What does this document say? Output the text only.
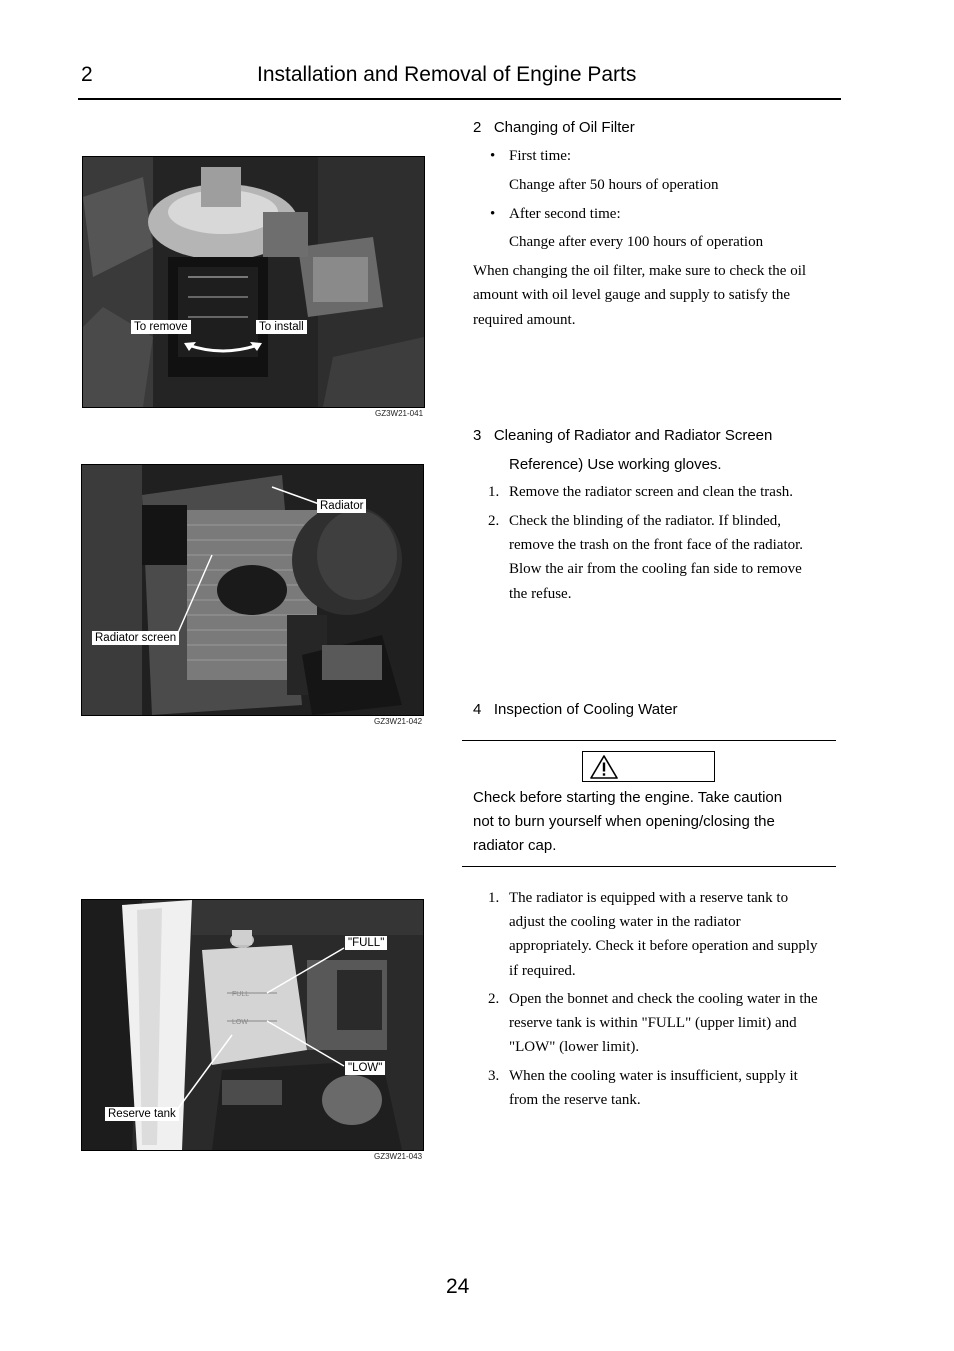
2	Installation and Removal of Engine Parts
To remove	To install
GZ3W21-041
Radiator
Radiator screen
GZ3W21-042
FULL
LOW
"FULL"
"LOW"
Reserve tank
GZ3W21-043
2   Changing of Oil Filter
• First time:
Change after 50 hours of operation
• After second time:
Change after every 100 hours of operation
When changing the oil filter, make sure to check the oil
amount with oil level gauge and supply to satisfy the
required amount.
3   Cleaning of Radiator and Radiator Screen
Reference) Use working gloves.
1. Remove the radiator screen and clean the trash.
2. Check the blinding of the radiator. If blinded,
remove the trash on the front face of the radiator.
Blow the air from the cooling fan side to remove
the refuse.
4   Inspection of Cooling Water
Check before starting the engine. Take caution
not to burn yourself when opening/closing the
radiator cap.
1. The radiator is equipped with a reserve tank to
adjust the cooling water in the radiator
appropriately. Check it before operation and supply
if required.
2. Open the bonnet and check the cooling water in the
reserve tank is within "FULL" (upper limit) and
"LOW" (lower limit).
3. When the cooling water is insufficient, supply it
from the reserve tank.
24
